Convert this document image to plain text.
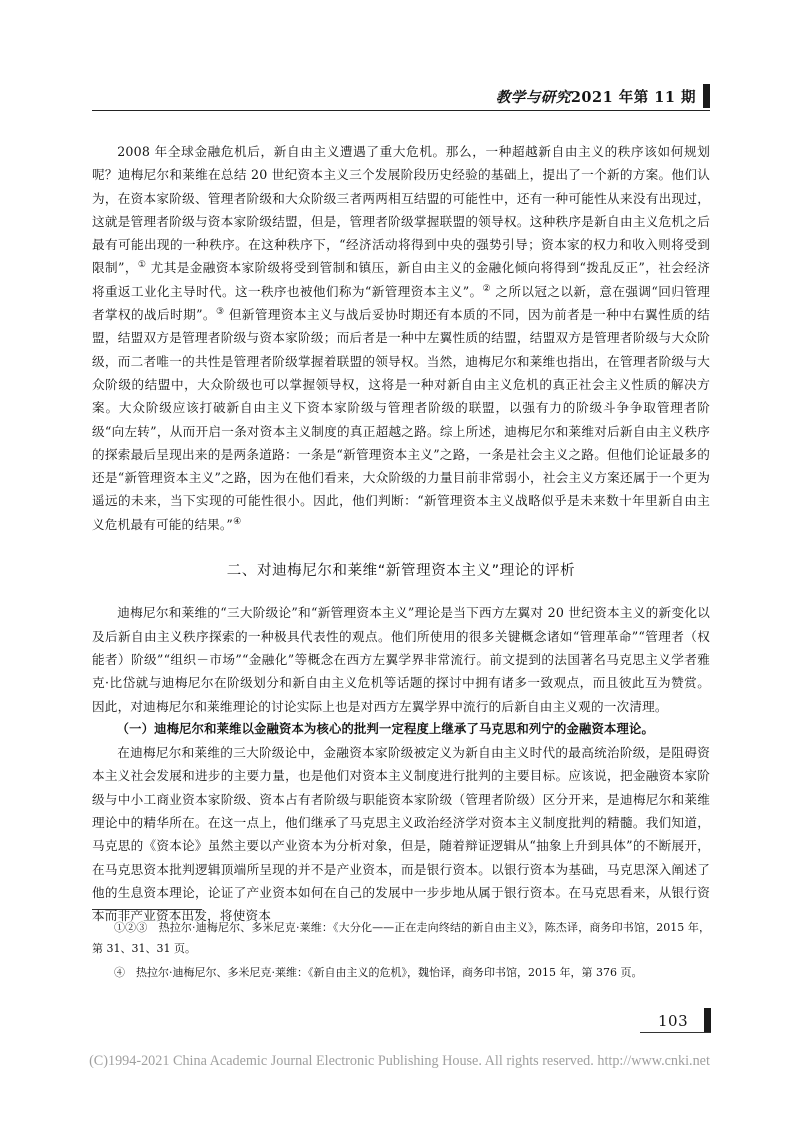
教学与研究2021 年第 11 期

2008 年全球金融危机后，新自由主义遭遇了重大危机。那么，一种超越新自由主义的秩序该如何规划呢？迪梅尼尔和莱维在总结 20 世纪资本主义三个发展阶段历史经验的基础上，提出了一个新的方案。他们认为，在资本家阶级、管理者阶级和大众阶级三者两两相互结盟的可能性中，还有一种可能性从来没有出现过，这就是管理者阶级与资本家阶级结盟，但是，管理者阶级掌握联盟的领导权。这种秩序是新自由主义危机之后最有可能出现的一种秩序。在这种秩序下，“经济活动将得到中央的强势引导；资本家的权力和收入则将受到限制”，① 尤其是金融资本家阶级将受到管制和镇压，新自由主义的金融化倾向将得到“拨乱反正”，社会经济将重返工业化主导时代。这一秩序也被他们称为“新管理资本主义”。② 之所以冠之以新，意在强调“回归管理者掌权的战后时期”。③ 但新管理资本主义与战后妥协时期还有本质的不同，因为前者是一种中右翼性质的结盟，结盟双方是管理者阶级与资本家阶级；而后者是一种中左翼性质的结盟，结盟双方是管理者阶级与大众阶级，而二者唯一的共性是管理者阶级掌握着联盟的领导权。当然，迪梅尼尔和莱维也指出，在管理者阶级与大众阶级的结盟中，大众阶级也可以掌握领导权，这将是一种对新自由主义危机的真正社会主义性质的解决方案。大众阶级应该打破新自由主义下资本家阶级与管理者阶级的联盟，以强有力的阶级斗争争取管理者阶级“向左转”，从而开启一条对资本主义制度的真正超越之路。综上所述，迪梅尼尔和莱维对后新自由主义秩序的探索最后呈现出来的是两条道路：一条是“新管理资本主义”之路，一条是社会主义之路。但他们论证最多的还是“新管理资本主义”之路，因为在他们看来，大众阶级的力量目前非常弱小，社会主义方案还属于一个更为遥远的未来，当下实现的可能性很小。因此，他们判断：“新管理资本主义战略似乎是未来数十年里新自由主义危机最有可能的结果。”④

二、对迪梅尼尔和莱维“新管理资本主义”理论的评析

迪梅尼尔和莱维的“三大阶级论”和“新管理资本主义”理论是当下西方左翼对 20 世纪资本主义的新变化以及后新自由主义秩序探索的一种极具代表性的观点。他们所使用的很多关键概念诸如“管理革命”“管理者（权能者）阶级”“组织－市场”“金融化”等概念在西方左翼学界非常流行。前文提到的法国著名马克思主义学者雅克·比岱就与迪梅尼尔在阶级划分和新自由主义危机等话题的探讨中拥有诸多一致观点，而且彼此互为赞赏。因此，对迪梅尼尔和莱维理论的讨论实际上也是对西方左翼学界中流行的后新自由主义观的一次清理。

（一）迪梅尼尔和莱维以金融资本为核心的批判一定程度上继承了马克思和列宁的金融资本理论。

在迪梅尼尔和莱维的三大阶级论中，金融资本家阶级被定义为新自由主义时代的最高统治阶级，是阻碍资本主义社会发展和进步的主要力量，也是他们对资本主义制度进行批判的主要目标。应该说，把金融资本家阶级与中小工商业资本家阶级、资本占有者阶级与职能资本家阶级（管理者阶级）区分开来，是迪梅尼尔和莱维理论中的精华所在。在这一点上，他们继承了马克思主义政治经济学对资本主义制度批判的精髓。我们知道，马克思的《资本论》虽然主要以产业资本为分析对象，但是，随着辩证逻辑从“抽象上升到具体”的不断展开，在马克思资本批判逻辑顶端所呈现的并不是产业资本，而是银行资本。以银行资本为基础，马克思深入阐述了他的生息资本理论，论证了产业资本如何在自己的发展中一步步地从属于银行资本。在马克思看来，从银行资本而非产业资本出发，将使资本

①②③　热拉尔·迪梅尼尔、多米尼克·莱维：《大分化——正在走向终结的新自由主义》，陈杰译，商务印书馆，2015 年，第 31、31、31 页。

④　热拉尔·迪梅尼尔、多米尼克·莱维：《新自由主义的危机》，魏怡译，商务印书馆，2015 年，第 376 页。

103
(C)1994-2021 China Academic Journal Electronic Publishing House. All rights reserved. http://www.cnki.net
